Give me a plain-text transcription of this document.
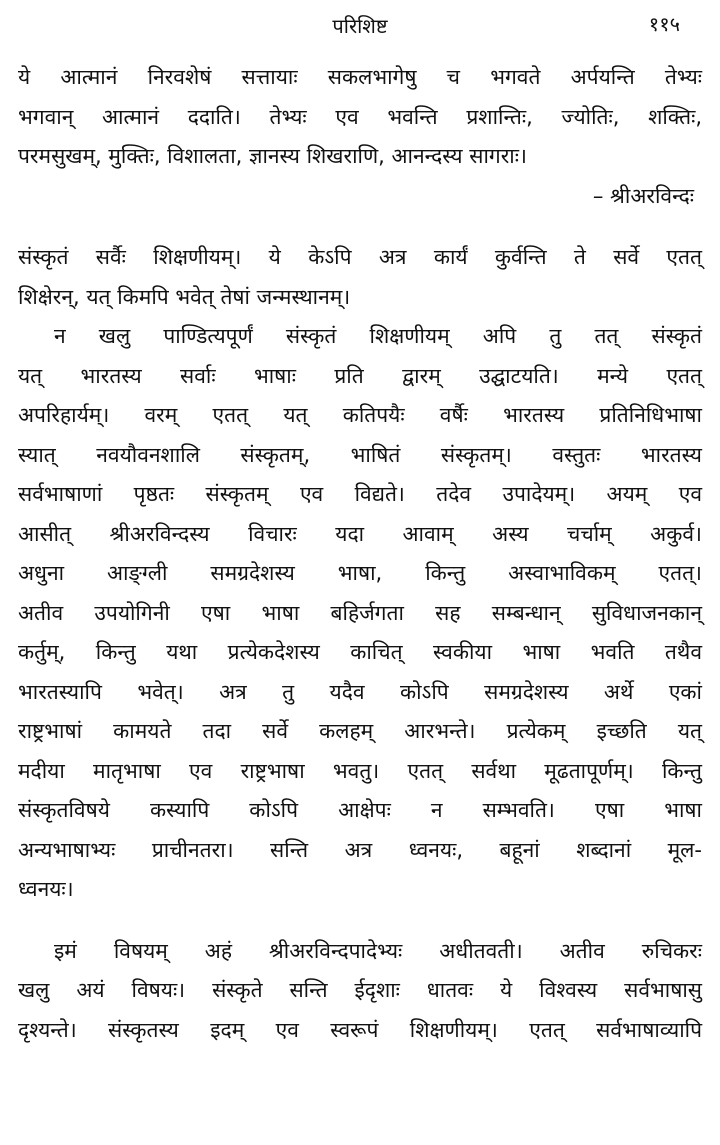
परिशिष्ट	११५
ये आत्मानं निरवशेषं सत्तायाः सकलभागेषु च भगवते अर्पयन्ति तेभ्यः
भगवान् आत्मानं ददाति। तेभ्यः एव भवन्ति प्रशान्तिः, ज्योतिः, शक्तिः,
परमसुखम्, मुक्तिः, विशालता, ज्ञानस्य शिखराणि, आनन्दस्य सागराः।
– श्रीअरविन्दः
संस्कृतं सर्वैः शिक्षणीयम्। ये केऽपि अत्र कार्यं कुर्वन्ति ते सर्वे एतत्
शिक्षेरन्, यत् किमपि भवेत् तेषां जन्मस्थानम्।
न खलु पाण्डित्यपूर्णं संस्कृतं शिक्षणीयम् अपि तु तत् संस्कृतं
यत् भारतस्य सर्वाः भाषाः प्रति द्वारम् उद्घाटयति। मन्ये एतत्
अपरिहार्यम्। वरम् एतत् यत् कतिपयैः वर्षैः भारतस्य प्रतिनिधिभाषा
स्यात् नवयौवनशालि संस्कृतम्, भाषितं संस्कृतम्। वस्तुतः भारतस्य
सर्वभाषाणां पृष्ठतः संस्कृतम् एव विद्यते। तदेव उपादेयम्। अयम् एव
आसीत् श्रीअरविन्दस्य विचारः यदा आवाम् अस्य चर्चाम् अकुर्व।
अधुना आङ्ग्ली समग्रदेशस्य भाषा, किन्तु अस्वाभाविकम् एतत्।
अतीव उपयोगिनी एषा भाषा बहिर्जगता सह सम्बन्धान् सुविधाजनकान्
कर्तुम्, किन्तु यथा प्रत्येकदेशस्य काचित् स्वकीया भाषा भवति तथैव
भारतस्यापि भवेत्। अत्र तु यदैव कोऽपि समग्रदेशस्य अर्थे एकां
राष्ट्रभाषां कामयते तदा सर्वे कलहम् आरभन्ते। प्रत्येकम् इच्छति यत्
मदीया मातृभाषा एव राष्ट्रभाषा भवतु। एतत् सर्वथा मूढतापूर्णम्। किन्तु
संस्कृतविषये कस्यापि कोऽपि आक्षेपः न सम्भवति। एषा भाषा
अन्यभाषाभ्यः प्राचीनतरा। सन्ति अत्र ध्वनयः, बहूनां शब्दानां मूल-
ध्वनयः।
इमं विषयम् अहं श्रीअरविन्दपादेभ्यः अधीतवती। अतीव रुचिकरः
खलु अयं विषयः। संस्कृते सन्ति ईदृशाः धातवः ये विश्वस्य सर्वभाषासु
दृश्यन्ते। संस्कृतस्य इदम् एव स्वरूपं शिक्षणीयम्। एतत् सर्वभाषाव्यापि
